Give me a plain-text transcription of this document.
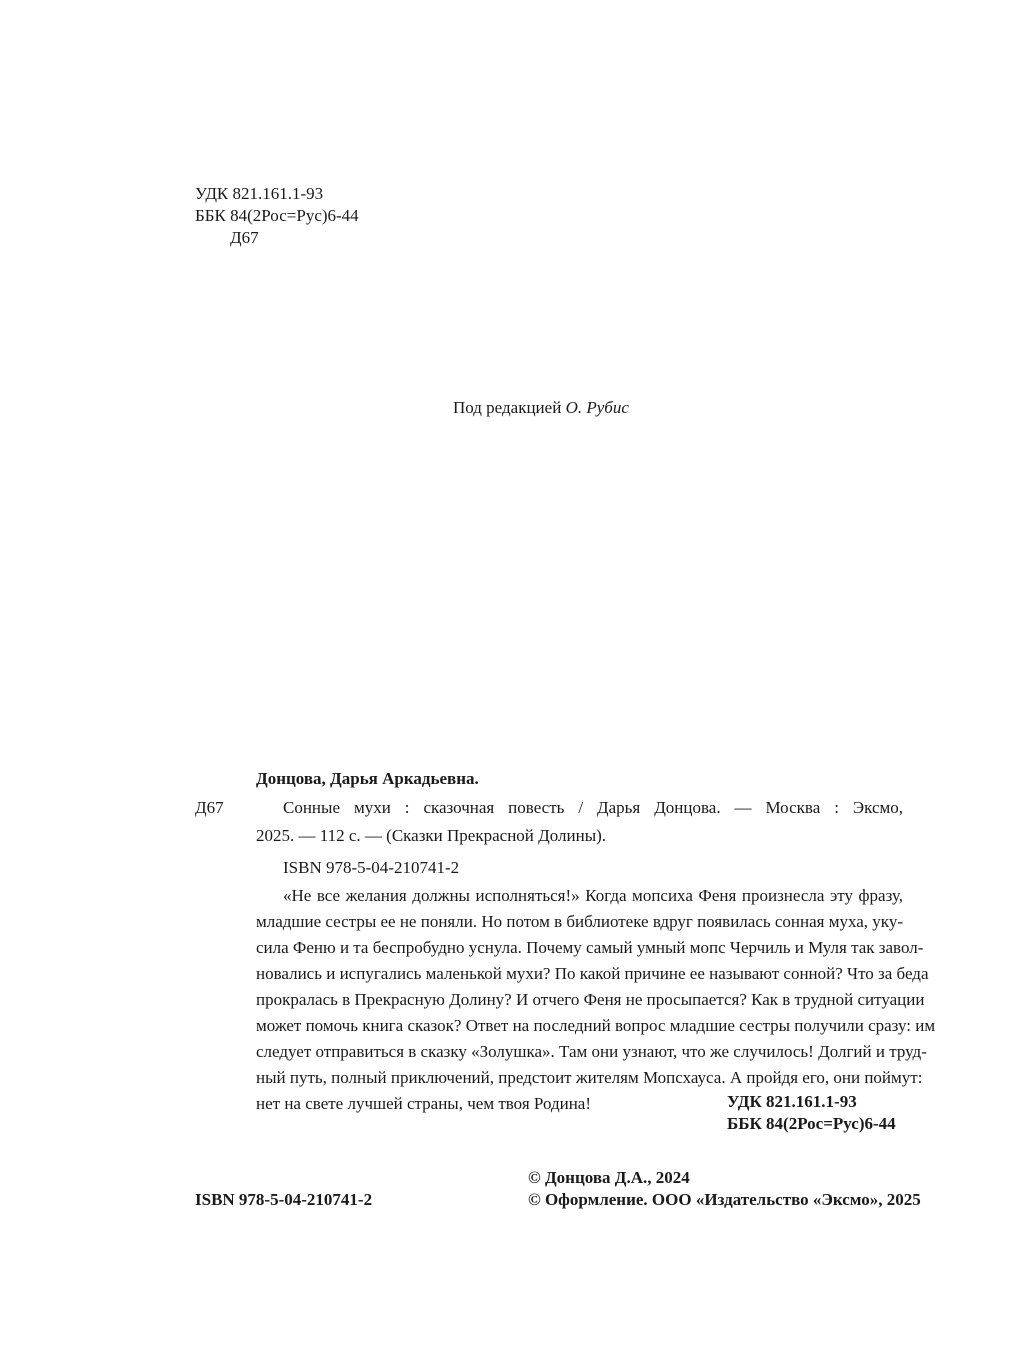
УДК 821.161.1-93
ББК 84(2Рос=Рус)6-44
Д67
Под редакцией О. Рубис
Донцова, Дарья Аркадьевна.
Д67	Сонные мухи : сказочная повесть / Дарья Донцова. — Москва : Эксмо,
2025. — 112 с. — (Сказки Прекрасной Долины).
ISBN 978-5-04-210741-2
«Не все желания должны исполняться!» Когда мопсиха Феня произнесла эту фразу,
младшие сестры ее не поняли. Но потом в библиотеке вдруг появилась сонная муха, уку-
сила Феню и та беспробудно уснула. Почему самый умный мопс Черчиль и Муля так завол-
новались и испугались маленькой мухи? По какой причине ее называют сонной? Что за беда
прокралась в Прекрасную Долину? И отчего Феня не просыпается? Как в трудной ситуации
может помочь книга сказок? Ответ на последний вопрос младшие сестры получили сразу: им
следует отправиться в сказку «Золушка». Там они узнают, что же случилось! Долгий и труд-
ный путь, полный приключений, предстоит жителям Мопсхауса. А пройдя его, они поймут:
нет на свете лучшей страны, чем твоя Родина!	УДК 821.161.1-93
ББК 84(2Рос=Рус)6-44
© Донцова Д.А., 2024
ISBN 978-5-04-210741-2	© Оформление. ООО «Издательство «Эксмо», 2025
